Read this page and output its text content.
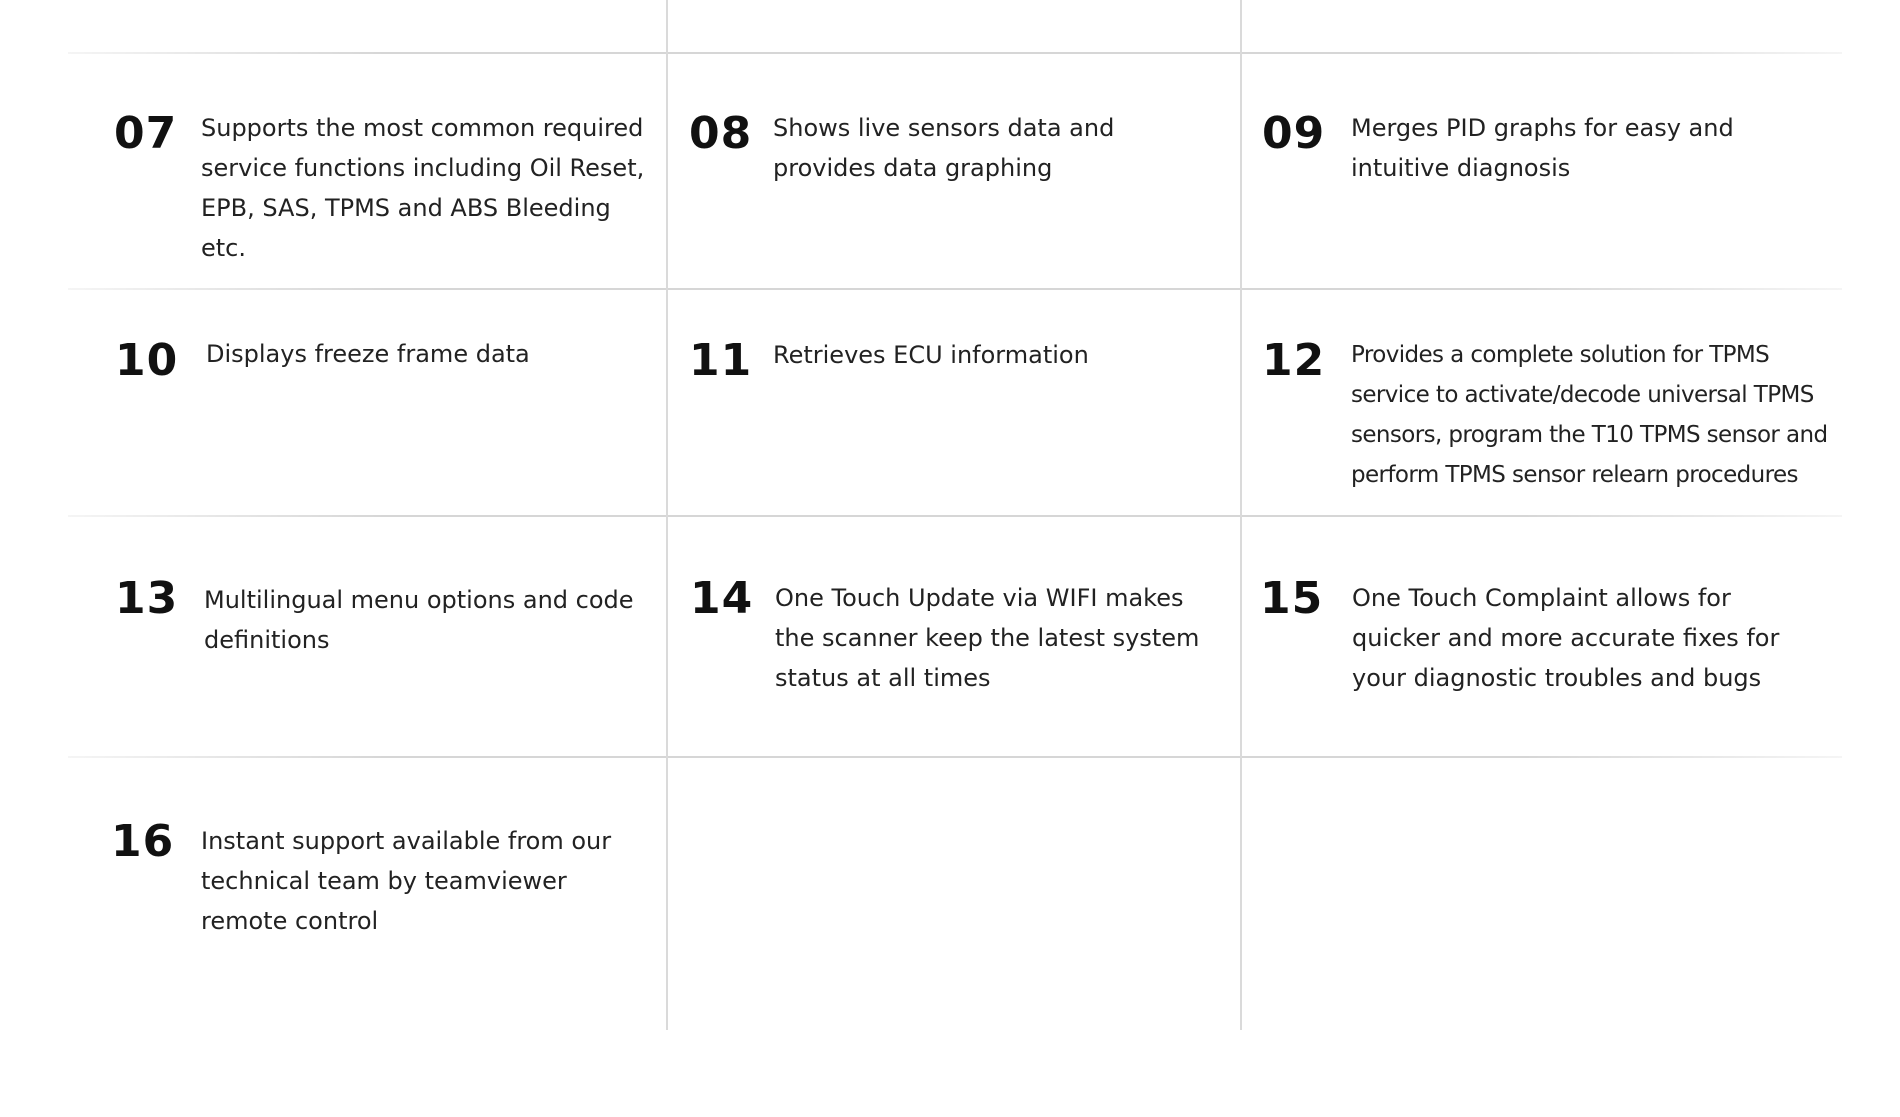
07 Supports the most common required service functions including Oil Reset, EPB, SAS, TPMS and ABS Bleeding etc.
08 Shows live sensors data and provides data graphing
09 Merges PID graphs for easy and intuitive diagnosis
10 Displays freeze frame data	11 Retrieves ECU information	12 Provides a complete solution for TPMS service to activate/decode universal TPMS sensors, program the T10 TPMS sensor and perform TPMS sensor relearn procedures
13 Multilingual menu options and code definitions
14 One Touch Update via WIFI makes the scanner keep the latest system status at all times
15 One Touch Complaint allows for quicker and more accurate fixes for your diagnostic troubles and bugs
16 Instant support available from our technical team by teamviewer remote control
